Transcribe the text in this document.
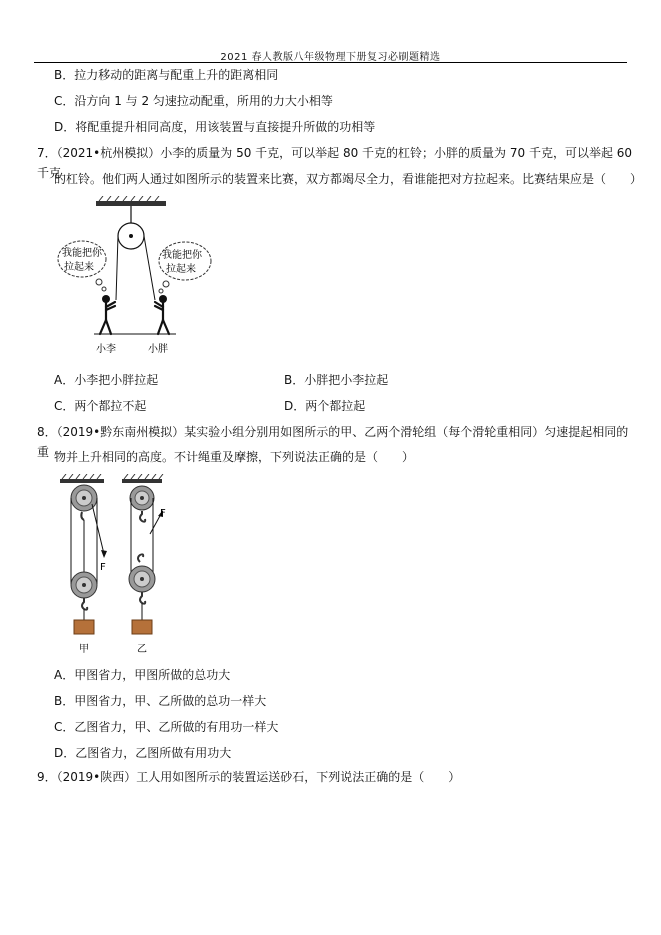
2021 春人教版八年级物理下册复习必刷题精选
B．拉力移动的距离与配重上升的距离相同
C．沿方向 1 与 2 匀速拉动配重，所用的力大小相等
D．将配重提升相同高度，用该装置与直接提升所做的功相等
7．（2021•杭州模拟）小李的质量为 50 千克，可以举起 80 千克的杠铃；小胖的质量为 70 千克，可以举起 60 千克
的杠铃。他们两人通过如图所示的装置来比赛，双方都竭尽全力，看谁能把对方拉起来。比赛结果应是（　　）
我能把你
拉起来
我能把你
拉起来
小李	小胖
A．小李把小胖拉起	B．小胖把小李拉起
C．两个都拉不起	D．两个都拉起
8．（2019•黔东南州模拟）某实验小组分别用如图所示的甲、乙两个滑轮组（每个滑轮重相同）匀速提起相同的重 物并上升相同的高度。不计绳重及摩擦，下列说法正确的是（　　）
F
甲
F
乙
A．甲图省力，甲图所做的总功大
B．甲图省力，甲、乙所做的总功一样大
C．乙图省力，甲、乙所做的有用功一样大
D．乙图省力，乙图所做有用功大
9．（2019•陕西）工人用如图所示的装置运送砂石，下列说法正确的是（　　）
